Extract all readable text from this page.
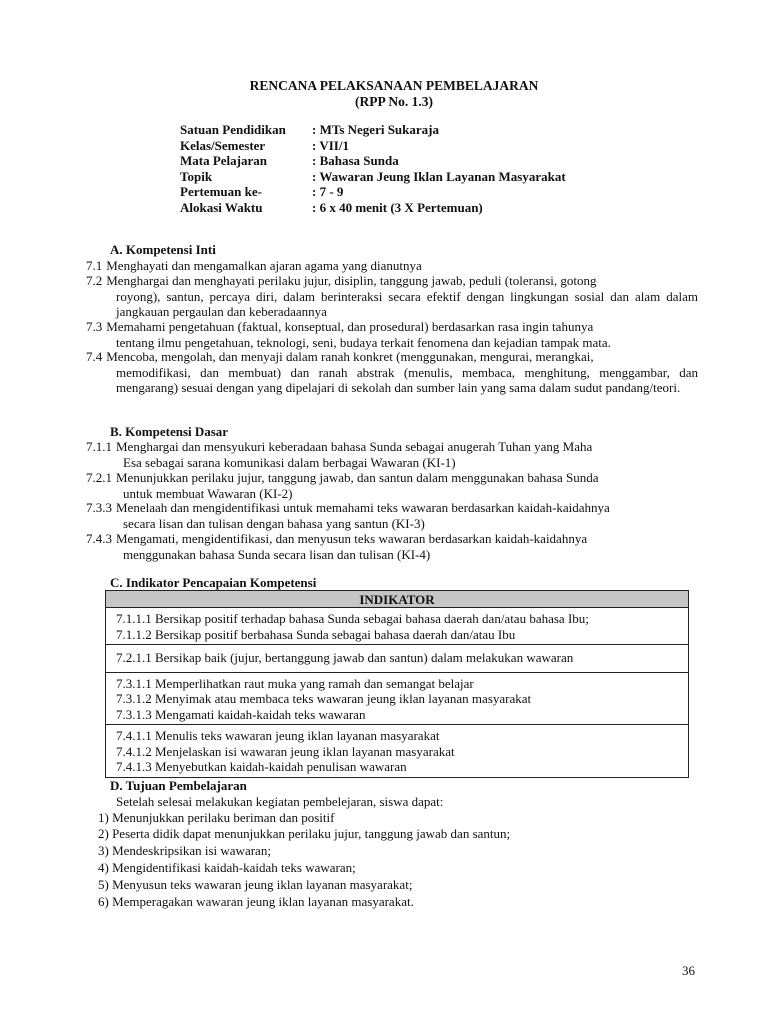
RENCANA PELAKSANAAN PEMBELAJARAN
(RPP No. 1.3)
Satuan Pendidikan	: MTs Negeri Sukaraja
Kelas/Semester	: VII/1
Mata Pelajaran	: Bahasa Sunda
Topik	: Wawaran Jeung Iklan Layanan Masyarakat
Pertemuan ke-	: 7 - 9
Alokasi Waktu	: 6 x 40 menit (3 X Pertemuan)
A. Kompetensi Inti
7.1 Menghayati dan mengamalkan ajaran agama yang dianutnya
7.2 Menghargai dan menghayati perilaku jujur, disiplin, tanggung jawab, peduli (toleransi, gotong
royong), santun, percaya diri, dalam berinteraksi secara efektif dengan lingkungan sosial dan alam dalam jangkauan pergaulan dan keberadaannya
7.3 Memahami pengetahuan (faktual, konseptual, dan prosedural) berdasarkan rasa ingin tahunya
tentang ilmu pengetahuan, teknologi, seni, budaya terkait fenomena dan kejadian tampak mata.
7.4 Mencoba, mengolah, dan menyaji dalam ranah konkret (menggunakan, mengurai, merangkai,
memodifikasi, dan membuat) dan ranah abstrak (menulis, membaca, menghitung, menggambar, dan mengarang) sesuai dengan yang dipelajari di sekolah dan sumber lain yang sama dalam sudut pandang/teori.
B. Kompetensi Dasar
7.1.1 Menghargai dan mensyukuri keberadaan bahasa Sunda sebagai anugerah Tuhan yang Maha
Esa sebagai sarana komunikasi dalam berbagai Wawaran (KI-1)
7.2.1 Menunjukkan perilaku jujur, tanggung jawab, dan santun dalam menggunakan bahasa Sunda
untuk membuat Wawaran (KI-2)
7.3.3 Menelaah dan mengidentifikasi untuk memahami teks wawaran berdasarkan kaidah-kaidahnya
secara lisan dan tulisan dengan bahasa yang santun (KI-3)
7.4.3 Mengamati, mengidentifikasi, dan menyusun teks wawaran berdasarkan kaidah-kaidahnya
menggunakan bahasa Sunda secara lisan dan tulisan (KI-4)
C. Indikator Pencapaian Kompetensi
INDIKATOR

7.1.1.1 Bersikap positif terhadap bahasa Sunda sebagai bahasa daerah dan/atau bahasa Ibu;
7.1.1.2 Bersikap positif berbahasa Sunda sebagai bahasa daerah dan/atau Ibu

7.2.1.1 Bersikap baik (jujur, bertanggung jawab dan santun) dalam melakukan wawaran

7.3.1.1 Memperlihatkan raut muka yang ramah dan semangat belajar
7.3.1.2 Menyimak atau membaca teks wawaran jeung iklan layanan masyarakat
7.3.1.3 Mengamati kaidah-kaidah teks wawaran

7.4.1.1 Menulis teks wawaran jeung iklan layanan masyarakat
7.4.1.2 Menjelaskan isi wawaran jeung iklan layanan masyarakat
7.4.1.3 Menyebutkan kaidah-kaidah penulisan wawaran
D. Tujuan Pembelajaran
Setelah selesai melakukan kegiatan pembelejaran, siswa dapat:
1) Menunjukkan perilaku beriman dan positif
2) Peserta didik dapat menunjukkan perilaku jujur, tanggung jawab dan santun;
3) Mendeskripsikan isi wawaran;
4) Mengidentifikasi kaidah-kaidah teks wawaran;
5) Menyusun teks wawaran jeung iklan layanan masyarakat;
6) Memperagakan wawaran jeung iklan layanan masyarakat.
36
